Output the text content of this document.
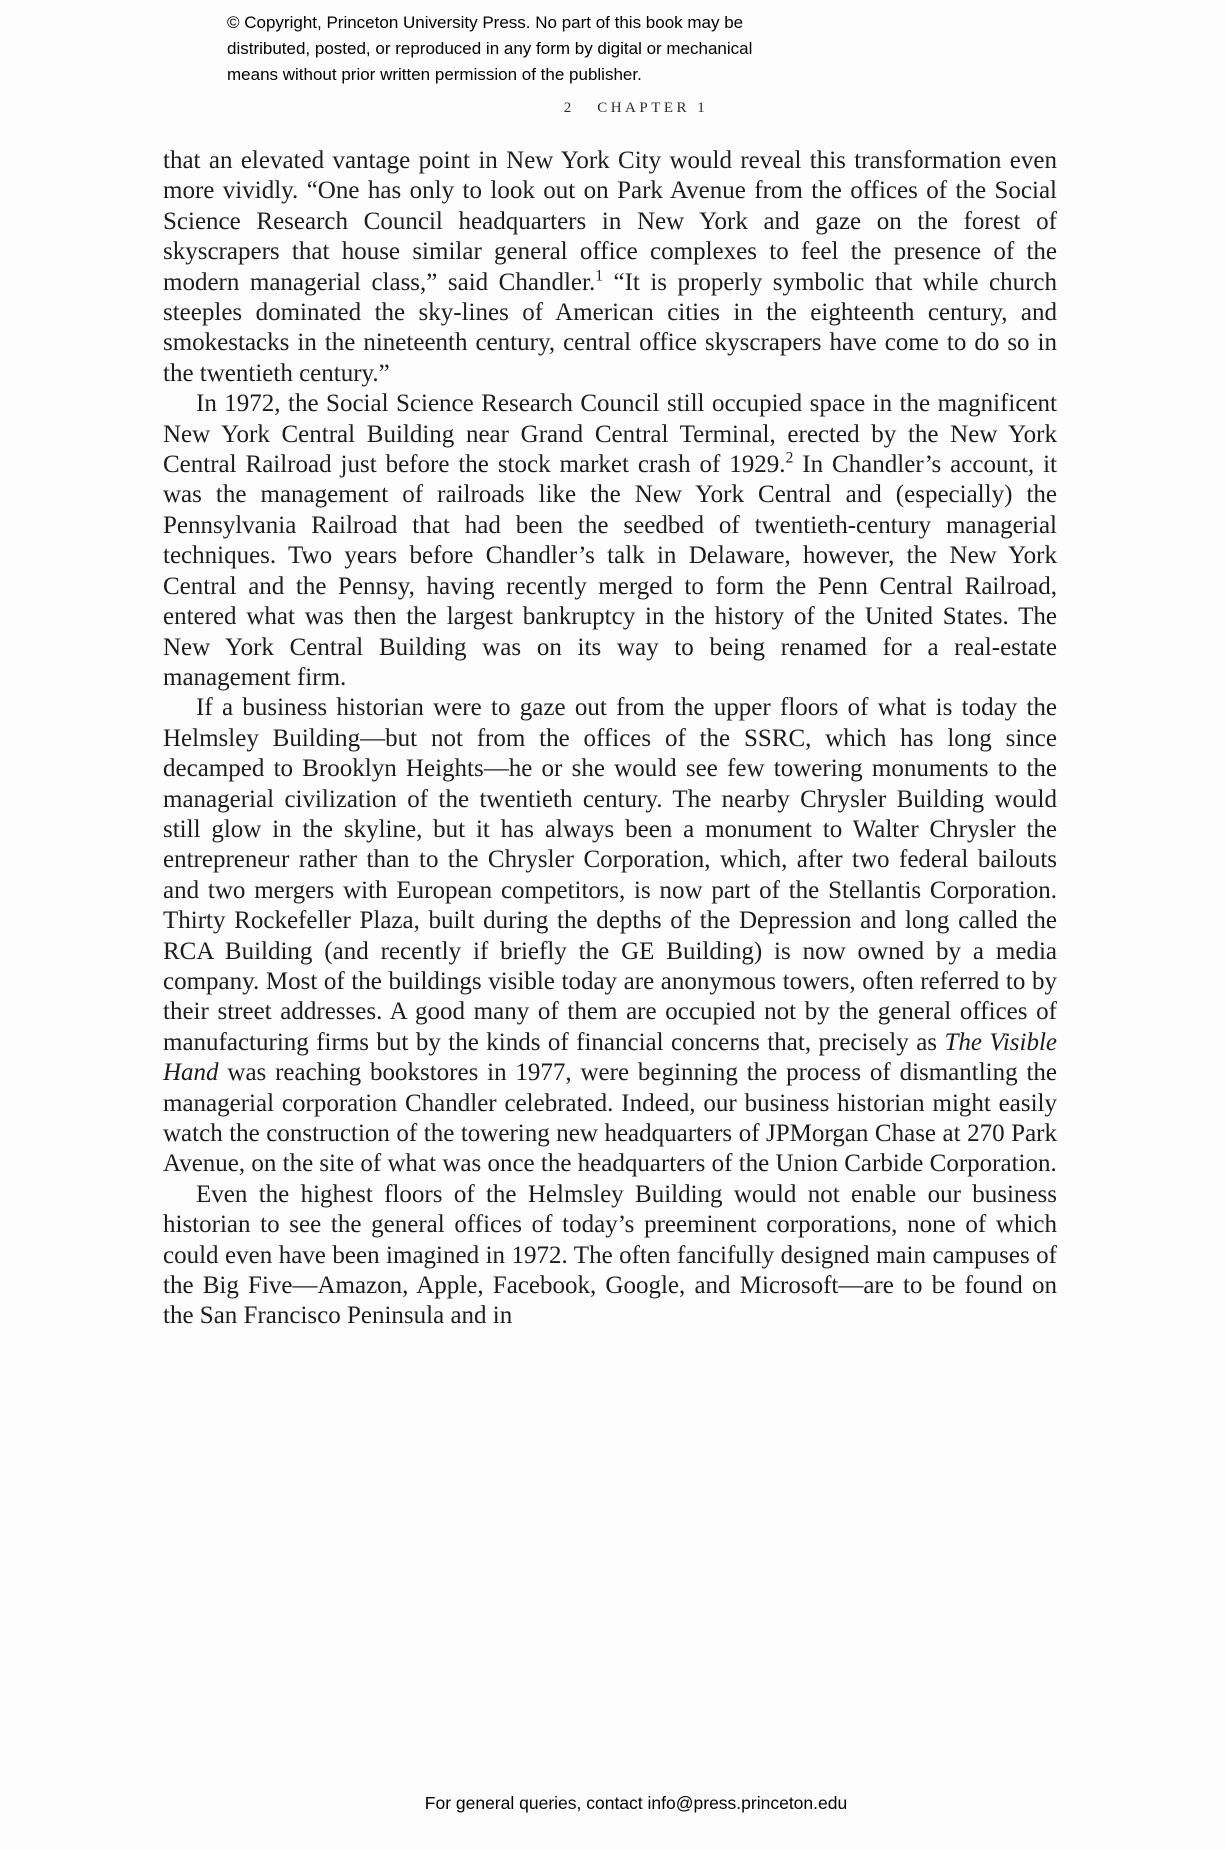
© Copyright, Princeton University Press. No part of this book may be
distributed, posted, or reproduced in any form by digital or mechanical
means without prior written permission of the publisher.
2 CHAPTER 1

that an elevated vantage point in New York City would reveal this transformation even more vividly. “One has only to look out on Park Avenue from the offices of the Social Science Research Council headquarters in New York and gaze on the forest of skyscrapers that house similar general office complexes to feel the presence of the modern managerial class,” said Chandler.$^1$ “It is properly symbolic that while church steeples dominated the sky-lines of American cities in the eighteenth century, and smokestacks in the nineteenth century, central office skyscrapers have come to do so in the twentieth century.”

In 1972, the Social Science Research Council still occupied space in the magnificent New York Central Building near Grand Central Terminal, erected by the New York Central Railroad just before the stock market crash of 1929.$^2$ In Chandler’s account, it was the management of railroads like the New York Central and (especially) the Pennsylvania Railroad that had been the seedbed of twentieth-century managerial techniques. Two years before Chandler’s talk in Delaware, however, the New York Central and the Pennsy, having recently merged to form the Penn Central Railroad, entered what was then the largest bankruptcy in the history of the United States. The New York Central Building was on its way to being renamed for a real-estate management firm.

If a business historian were to gaze out from the upper floors of what is today the Helmsley Building—but not from the offices of the SSRC, which has long since decamped to Brooklyn Heights—he or she would see few towering monuments to the managerial civilization of the twentieth century. The nearby Chrysler Building would still glow in the skyline, but it has always been a monument to Walter Chrysler the entrepreneur rather than to the Chrysler Corporation, which, after two federal bailouts and two mergers with European competitors, is now part of the Stellantis Corporation. Thirty Rockefeller Plaza, built during the depths of the Depression and long called the RCA Building (and recently if briefly the GE Building) is now owned by a media company. Most of the buildings visible today are anonymous towers, often referred to by their street addresses. A good many of them are occupied not by the general offices of manufacturing firms but by the kinds of financial concerns that, precisely as The Visible Hand was reaching bookstores in 1977, were beginning the process of dismantling the managerial corporation Chandler celebrated. Indeed, our business historian might easily watch the construction of the towering new headquarters of JPMorgan Chase at 270 Park Avenue, on the site of what was once the headquarters of the Union Carbide Corporation.

Even the highest floors of the Helmsley Building would not enable our business historian to see the general offices of today’s preeminent corporations, none of which could even have been imagined in 1972. The often fancifully designed main campuses of the Big Five—Amazon, Apple, Facebook, Google, and Microsoft—are to be found on the San Francisco Peninsula and in

For general queries, contact info@press.princeton.edu
